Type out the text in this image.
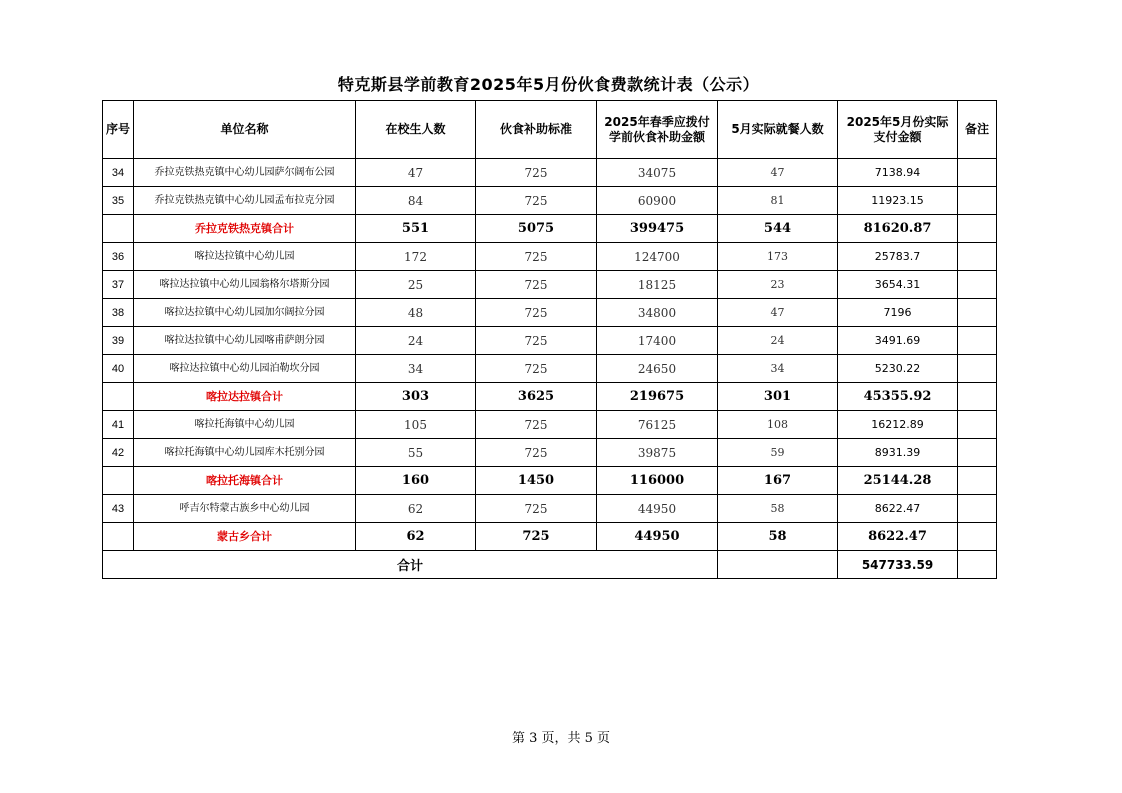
特克斯县学前教育2025年5月份伙食费款统计表（公示）
序号	单位名称	在校生人数	伙食补助标准	2025年春季应拨付学前伙食补助金额	5月实际就餐人数	2025年5月份实际支付金额	备注
34	乔拉克铁热克镇中心幼儿园萨尔阔布公园	47	725	34075	47	7138.94	
35	乔拉克铁热克镇中心幼儿园孟布拉克分园	84	725	60900	81	11923.15	

	乔拉克铁热克镇合计	551	5075	399475	544	81620.87	
36	喀拉达拉镇中心幼儿园	172	725	124700	173	25783.7	
37	喀拉达拉镇中心幼儿园翁格尔塔斯分园	25	725	18125	23	3654.31	
38	喀拉达拉镇中心幼儿园加尔阔拉分园	48	725	34800	47	7196	
39	喀拉达拉镇中心幼儿园喀甫萨朗分园	24	725	17400	24	3491.69	
40	喀拉达拉镇中心幼儿园泊勒坎分园	34	725	24650	34	5230.22	

	喀拉达拉镇合计	303	3625	219675	301	45355.92	
41	喀拉托海镇中心幼儿园	105	725	76125	108	16212.89	
42	喀拉托海镇中心幼儿园库木托别分园	55	725	39875	59	8931.39	

	喀拉托海镇合计	160	1450	116000	167	25144.28	
43	呼吉尔特蒙古族乡中心幼儿园	62	725	44950	58	8622.47	

	蒙古乡合计	62	725	44950	58	8622.47	
合计						547733.59	
第 3 页，共 5 页
